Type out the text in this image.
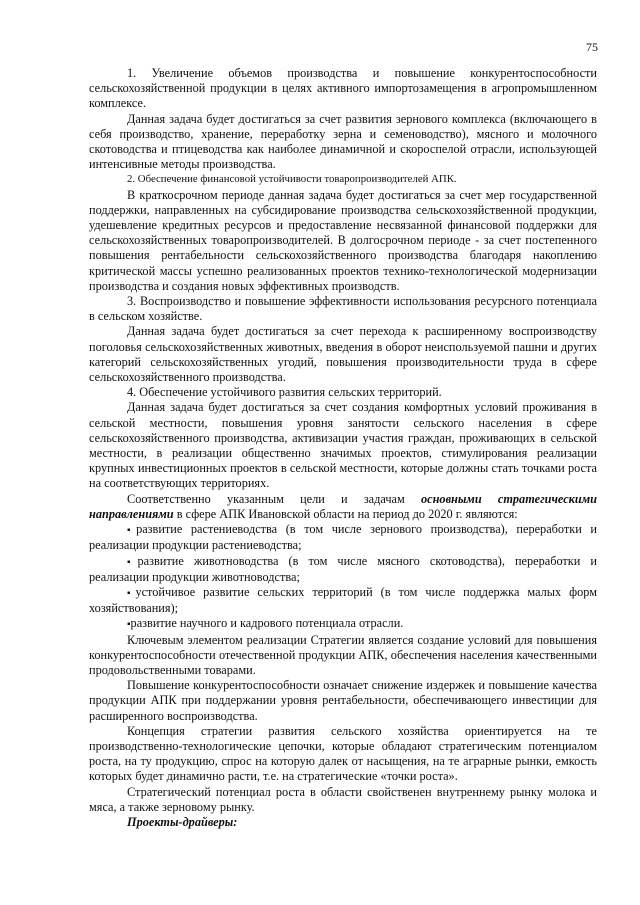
75

1. Увеличение объемов производства и повышение конкурентоспособности сельскохозяйственной продукции в целях активного импортозамещения в агропромышленном комплексе.

Данная задача будет достигаться за счет развития зернового комплекса (включающего в себя производство, хранение, переработку зерна и семеноводство), мясного и молочного скотоводства и птицеводства как наиболее динамичной и скороспелой отрасли, использующей интенсивные методы производства.

2. Обеспечение финансовой устойчивости товаропроизводителей АПК.

В краткосрочном периоде данная задача будет достигаться за счет мер государственной поддержки, направленных на субсидирование производства сельскохозяйственной продукции, удешевление кредитных ресурсов и предоставление несвязанной финансовой поддержки для сельскохозяйственных товаропроизводителей. В долгосрочном периоде - за счет постепенного повышения рентабельности сельскохозяйственного производства благодаря накоплению критической массы успешно реализованных проектов технико-технологической модернизации производства и создания новых эффективных производств.

3. Воспроизводство и повышение эффективности использования ресурсного потенциала в сельском хозяйстве.

Данная задача будет достигаться за счет перехода к расширенному воспроизводству поголовья сельскохозяйственных животных, введения в оборот неиспользуемой пашни и других категорий сельскохозяйственных угодий, повышения производительности труда в сфере сельскохозяйственного производства.

4. Обеспечение устойчивого развития сельских территорий.

Данная задача будет достигаться за счет создания комфортных условий проживания в сельской местности, повышения уровня занятости сельского населения в сфере сельскохозяйственного производства, активизации участия граждан, проживающих в сельской местности, в реализации общественно значимых проектов, стимулирования реализации крупных инвестиционных проектов в сельской местности, которые должны стать точками роста на соответствующих территориях.

Соответственно указанным цели и задачам основными стратегическими направлениями в сфере АПК Ивановской области на период до 2020 г. являются:

▪развитие растениеводства (в том числе зернового производства), переработки и реализации продукции растениеводства;
▪развитие животноводства (в том числе мясного скотоводства), переработки и реализации продукции животноводства;
▪устойчивое развитие сельских территорий (в том числе поддержка малых форм хозяйствования);
▪развитие научного и кадрового потенциала отрасли.

Ключевым элементом реализации Стратегии является создание условий для повышения конкурентоспособности отечественной продукции АПК, обеспечения населения качественными продовольственными товарами.

Повышение конкурентоспособности означает снижение издержек и повышение качества продукции АПК при поддержании уровня рентабельности, обеспечивающего инвестиции для расширенного воспроизводства.

Концепция стратегии развития сельского хозяйства ориентируется на те производственно-технологические цепочки, которые обладают стратегическим потенциалом роста, на ту продукцию, спрос на которую далек от насыщения, на те аграрные рынки, емкость которых будет динамично расти, т.е. на стратегические «точки роста».

Стратегический потенциал роста в области свойственен внутреннему рынку молока и мяса, а также зерновому рынку.

Проекты-драйверы:
